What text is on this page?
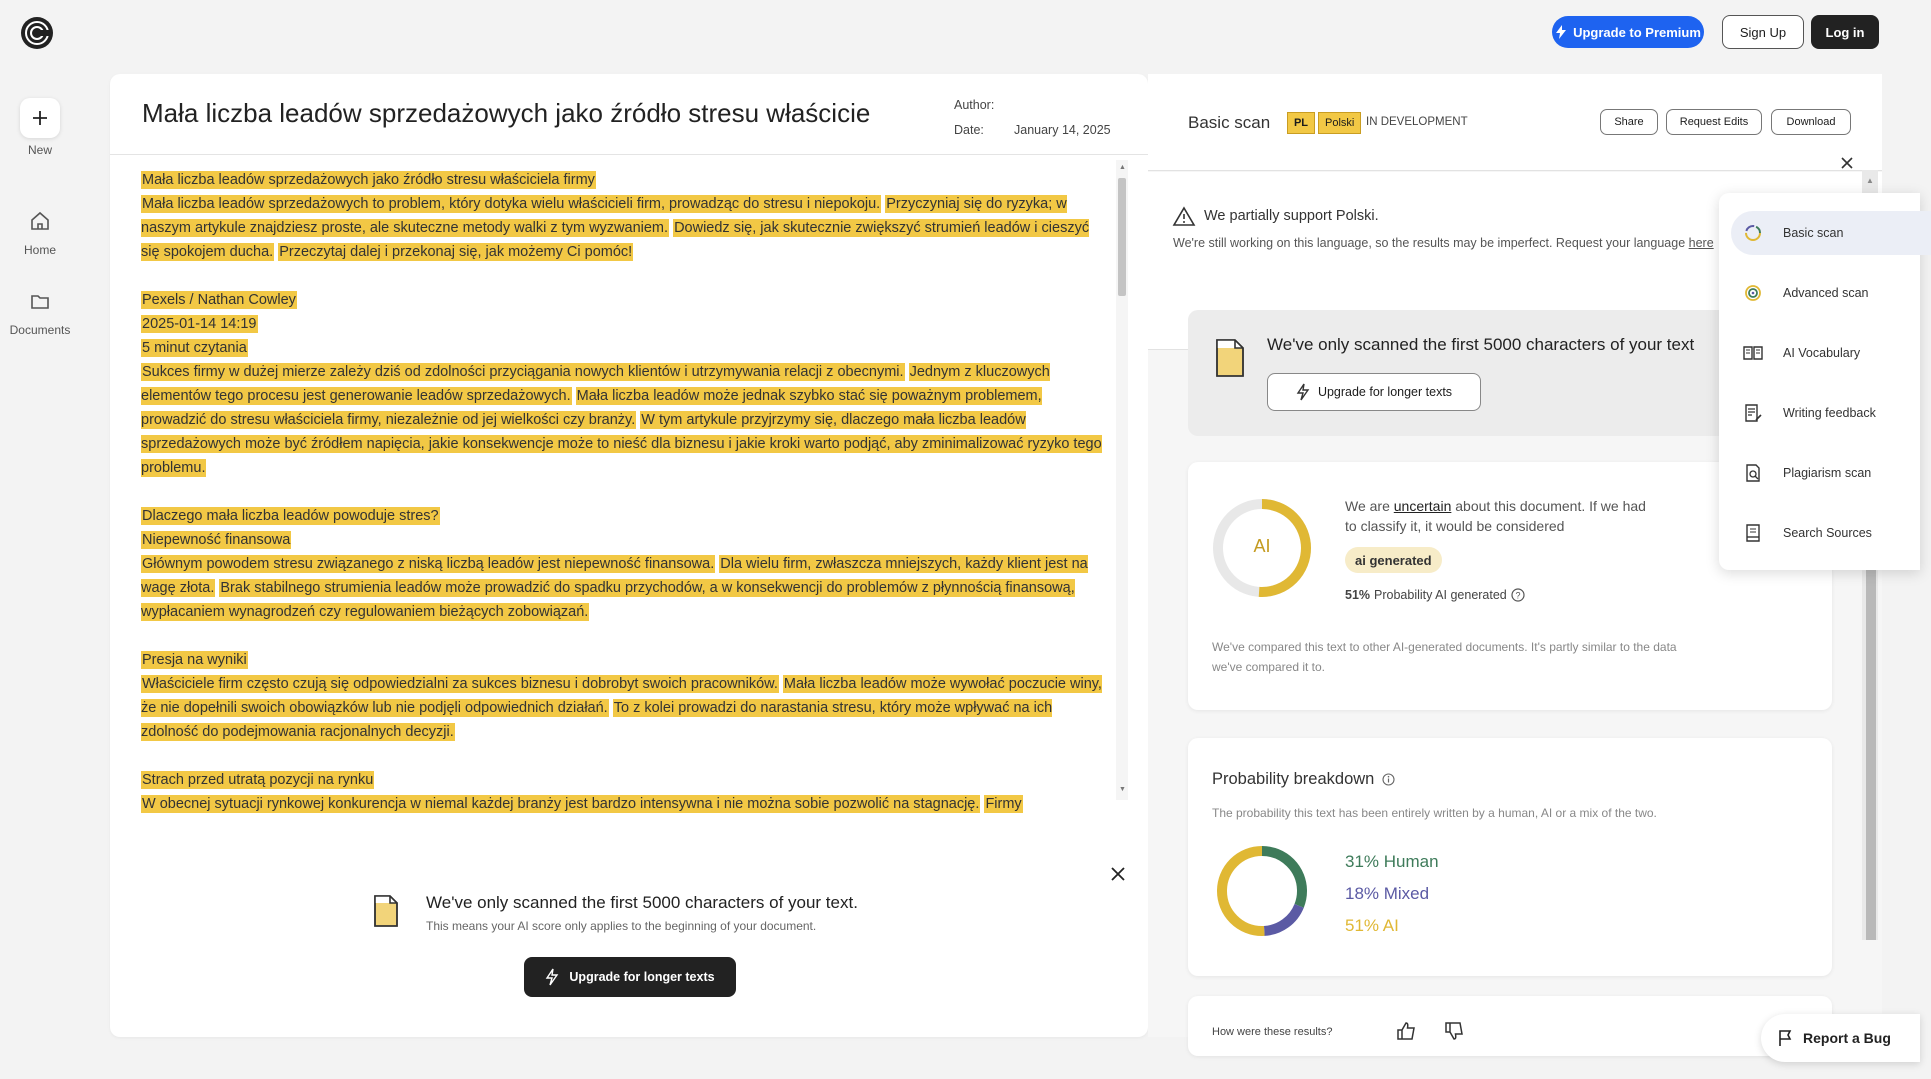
New
Home
Documents
Upgrade to Premium	Sign Up	Log in
Mała liczba leadów sprzedażowych jako źródło stresu właścicie	Author:
Date: January 14, 2025

Mała liczba leadów sprzedażowych jako źródło stresu właściciela firmy

Mała liczba leadów sprzedażowych to problem, który dotyka wielu właścicieli firm, prowadząc do stresu i niepokoju. Przyczyniaj się do ryzyka; w naszym artykule znajdziesz proste, ale skuteczne metody walki z tym wyzwaniem. Dowiedz się, jak skutecznie zwiększyć strumień leadów i cieszyć się spokojem ducha. Przeczytaj dalej i przekonaj się, jak możemy Ci pomóc!

Pexels / Nathan Cowley

2025-01-14 14:19

5 minut czytania

Sukces firmy w dużej mierze zależy dziś od zdolności przyciągania nowych klientów i utrzymywania relacji z obecnymi. Jednym z kluczowych elementów tego procesu jest generowanie leadów sprzedażowych. Mała liczba leadów może jednak szybko stać się poważnym problemem, prowadzić do stresu właściciela firmy, niezależnie od jej wielkości czy branży. W tym artykule przyjrzymy się, dlaczego mała liczba leadów sprzedażowych może być źródłem napięcia, jakie konsekwencje może to nieść dla biznesu i jakie kroki warto podjąć, aby zminimalizować ryzyko tego problemu.

Dlaczego mała liczba leadów powoduje stres?

Niepewność finansowa

Głównym powodem stresu związanego z niską liczbą leadów jest niepewność finansowa. Dla wielu firm, zwłaszcza mniejszych, każdy klient jest na wagę złota. Brak stabilnego strumienia leadów może prowadzić do spadku przychodów, a w konsekwencji do problemów z płynnością finansową, wypłacaniem wynagrodzeń czy regulowaniem bieżących zobowiązań.

Presja na wyniki

Właściciele firm często czują się odpowiedzialni za sukces biznesu i dobrobyt swoich pracowników. Mała liczba leadów może wywołać poczucie winy, że nie dopełnili swoich obowiązków lub nie podjęli odpowiednich działań. To z kolei prowadzi do narastania stresu, który może wpływać na ich zdolność do podejmowania racjonalnych decyzji.

Strach przed utratą pozycji na rynku

W obecnej sytuacji rynkowej konkurencja w niemal każdej branży jest bardzo intensywna i nie można sobie pozwolić na stagnację. Firmy

▲
▼
We've only scanned the first 5000 characters of your text.
This means your AI score only applies to the beginning of your document.
Upgrade for longer texts
Basic scan	PL	Polski	IN DEVELOPMENT	Share	Request Edits	Download
We partially support Polski.
We're still working on this language, so the results may be imperfect. Request your language here
We've only scanned the first 5000 characters of your text
Upgrade for longer texts
AI
We are uncertain about this document. If we had to classify it, it would be considered
ai generated
51% Probability AI generated ?
We've compared this text to other AI-generated documents. It's partly similar to the data we've compared it to.
Probability breakdown
The probability this text has been entirely written by a human, AI or a mix of the two.
31% Human
18% Mixed
51% AI
How were these results?
▲
Basic scan
Advanced scan
AI Vocabulary
Writing feedback
Plagiarism scan
Search Sources
Report a Bug
